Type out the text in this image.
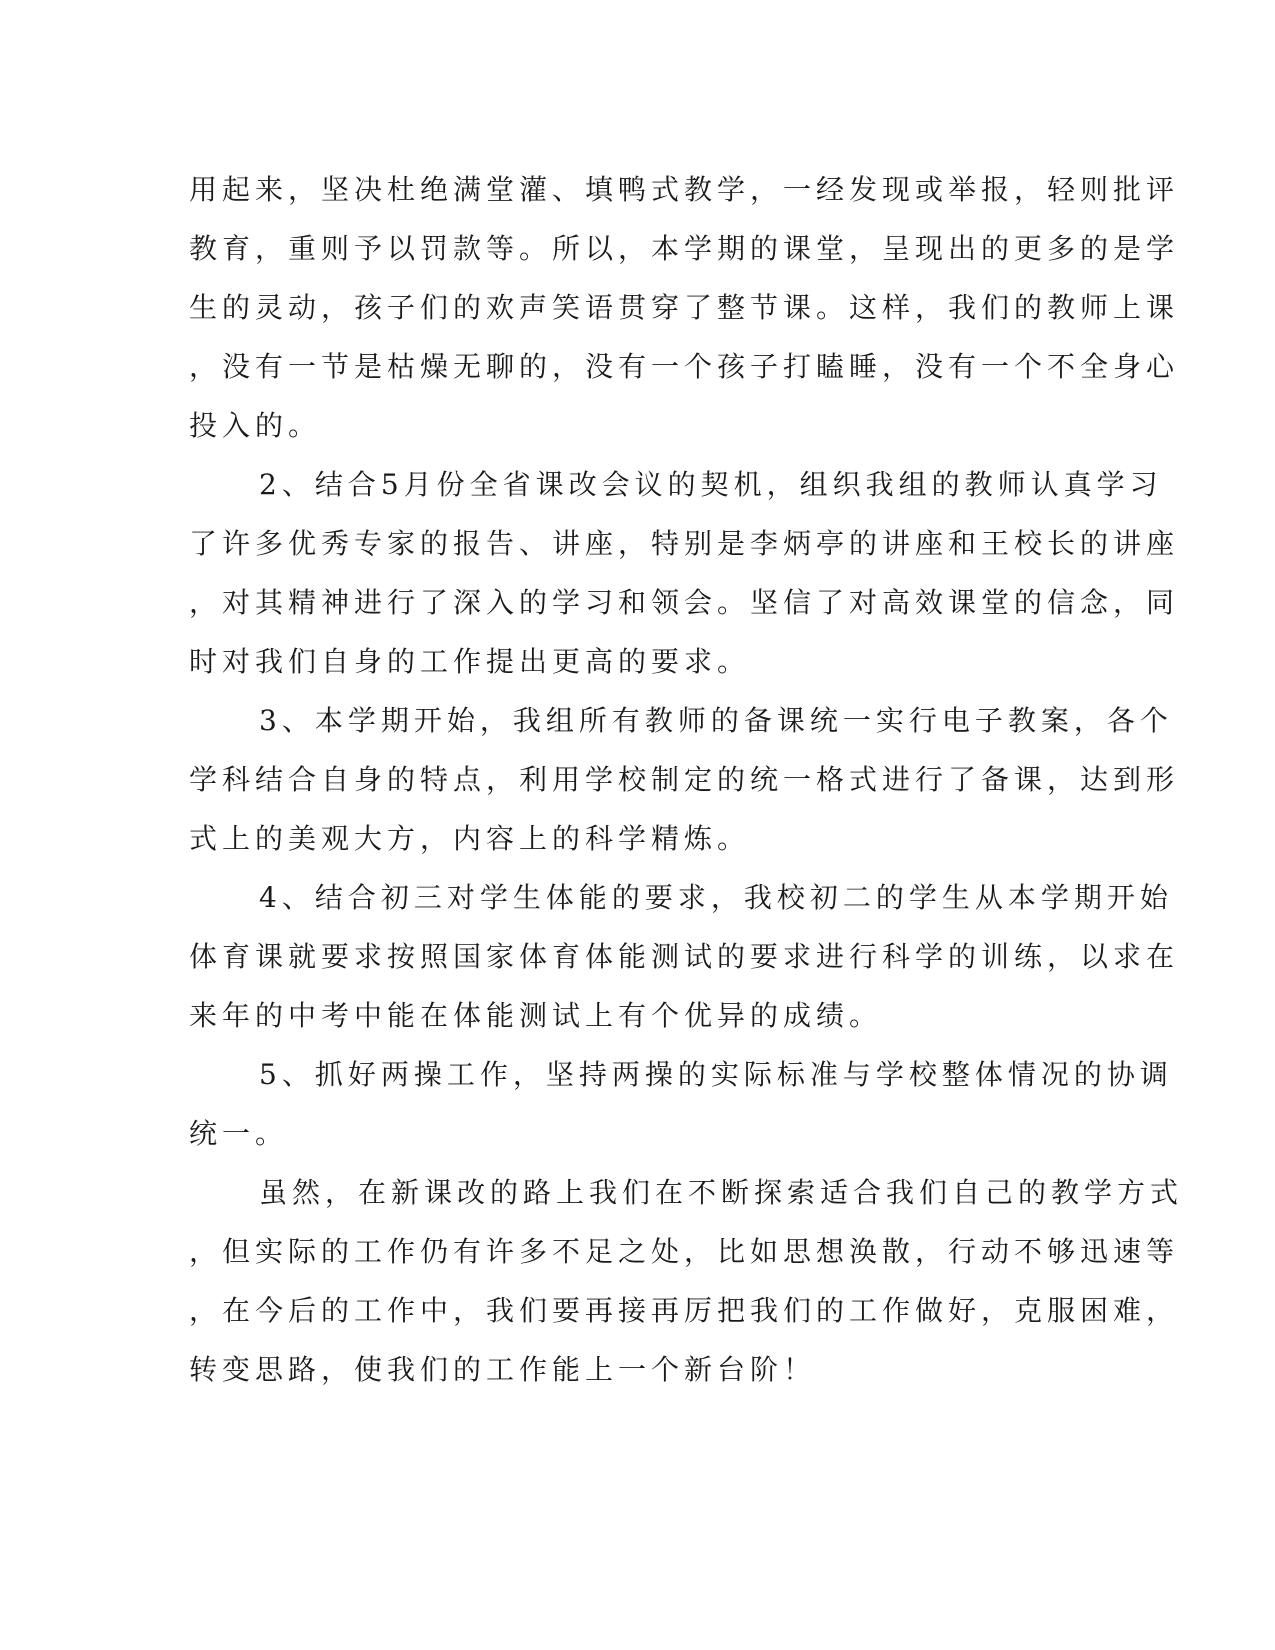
用起来，坚决杜绝满堂灌、填鸭式教学，一经发现或举报，轻则批评
教育，重则予以罚款等。所以，本学期的课堂，呈现出的更多的是学
生的灵动，孩子们的欢声笑语贯穿了整节课。这样，我们的教师上课
，没有一节是枯燥无聊的，没有一个孩子打瞌睡，没有一个不全身心
投入的。
2、结合5月份全省课改会议的契机，组织我组的教师认真学习
了许多优秀专家的报告、讲座，特别是李炳亭的讲座和王校长的讲座
，对其精神进行了深入的学习和领会。坚信了对高效课堂的信念，同
时对我们自身的工作提出更高的要求。
3、本学期开始，我组所有教师的备课统一实行电子教案，各个
学科结合自身的特点，利用学校制定的统一格式进行了备课，达到形
式上的美观大方，内容上的科学精炼。
4、结合初三对学生体能的要求，我校初二的学生从本学期开始
体育课就要求按照国家体育体能测试的要求进行科学的训练，以求在
来年的中考中能在体能测试上有个优异的成绩。
5、抓好两操工作，坚持两操的实际标准与学校整体情况的协调
统一。
虽然，在新课改的路上我们在不断探索适合我们自己的教学方式
，但实际的工作仍有许多不足之处，比如思想涣散，行动不够迅速等
，在今后的工作中，我们要再接再厉把我们的工作做好，克服困难，
转变思路，使我们的工作能上一个新台阶！
